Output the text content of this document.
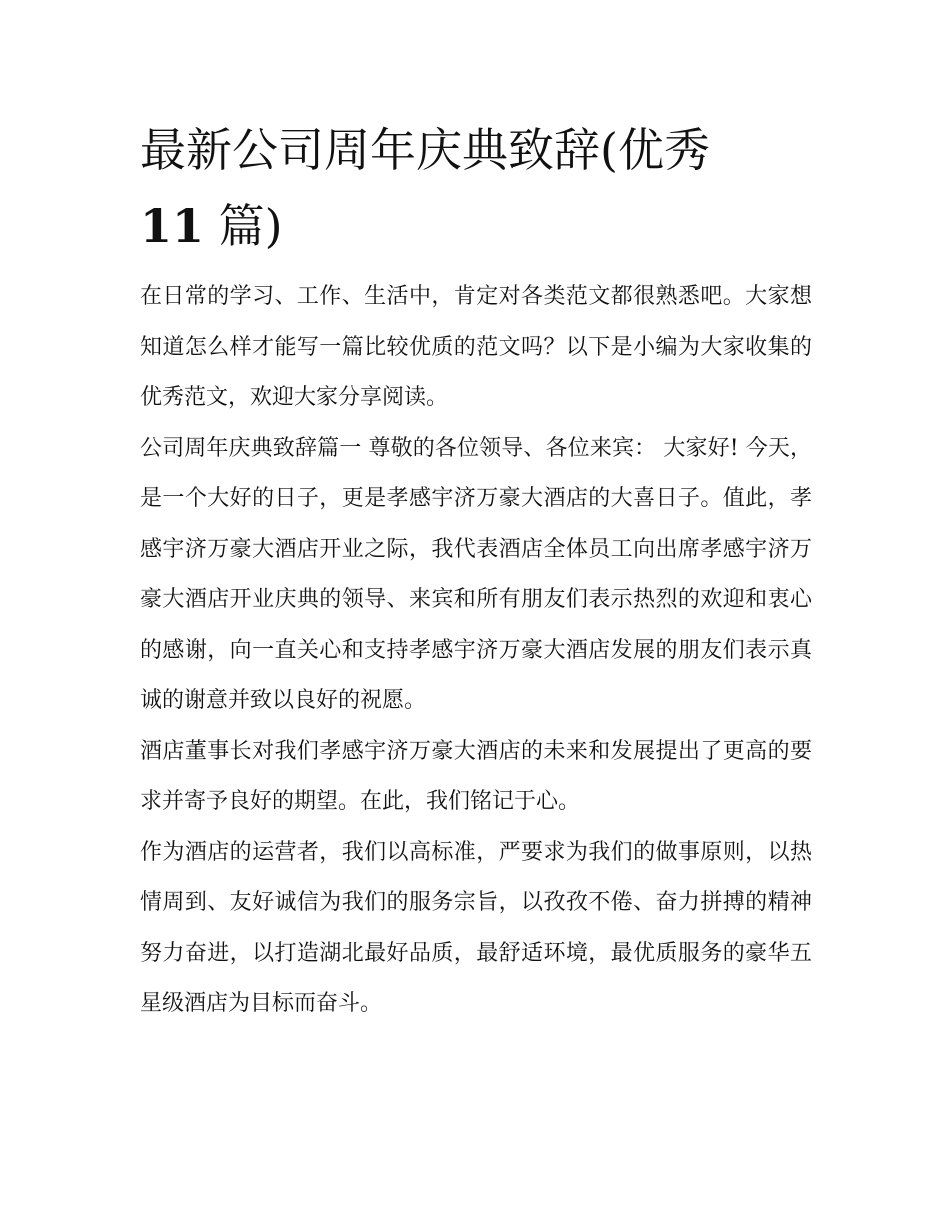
最新公司周年庆典致辞(优秀
11 篇)

在日常的学习、工作、生活中，肯定对各类范文都很熟悉吧。大家想知道怎么样才能写一篇比较优质的范文吗？以下是小编为大家收集的优秀范文，欢迎大家分享阅读。

公司周年庆典致辞篇一 尊敬的各位领导、各位来宾： 大家好! 今天，是一个大好的日子，更是孝感宇济万豪大酒店的大喜日子。值此，孝感宇济万豪大酒店开业之际，我代表酒店全体员工向出席孝感宇济万豪大酒店开业庆典的领导、来宾和所有朋友们表示热烈的欢迎和衷心的感谢，向一直关心和支持孝感宇济万豪大酒店发展的朋友们表示真诚的谢意并致以良好的祝愿。

酒店董事长对我们孝感宇济万豪大酒店的未来和发展提出了更高的要求并寄予良好的期望。在此，我们铭记于心。

作为酒店的运营者，我们以高标准，严要求为我们的做事原则，以热情周到、友好诚信为我们的服务宗旨，以孜孜不倦、奋力拼搏的精神努力奋进，以打造湖北最好品质，最舒适环境，最优质服务的豪华五星级酒店为目标而奋斗。
